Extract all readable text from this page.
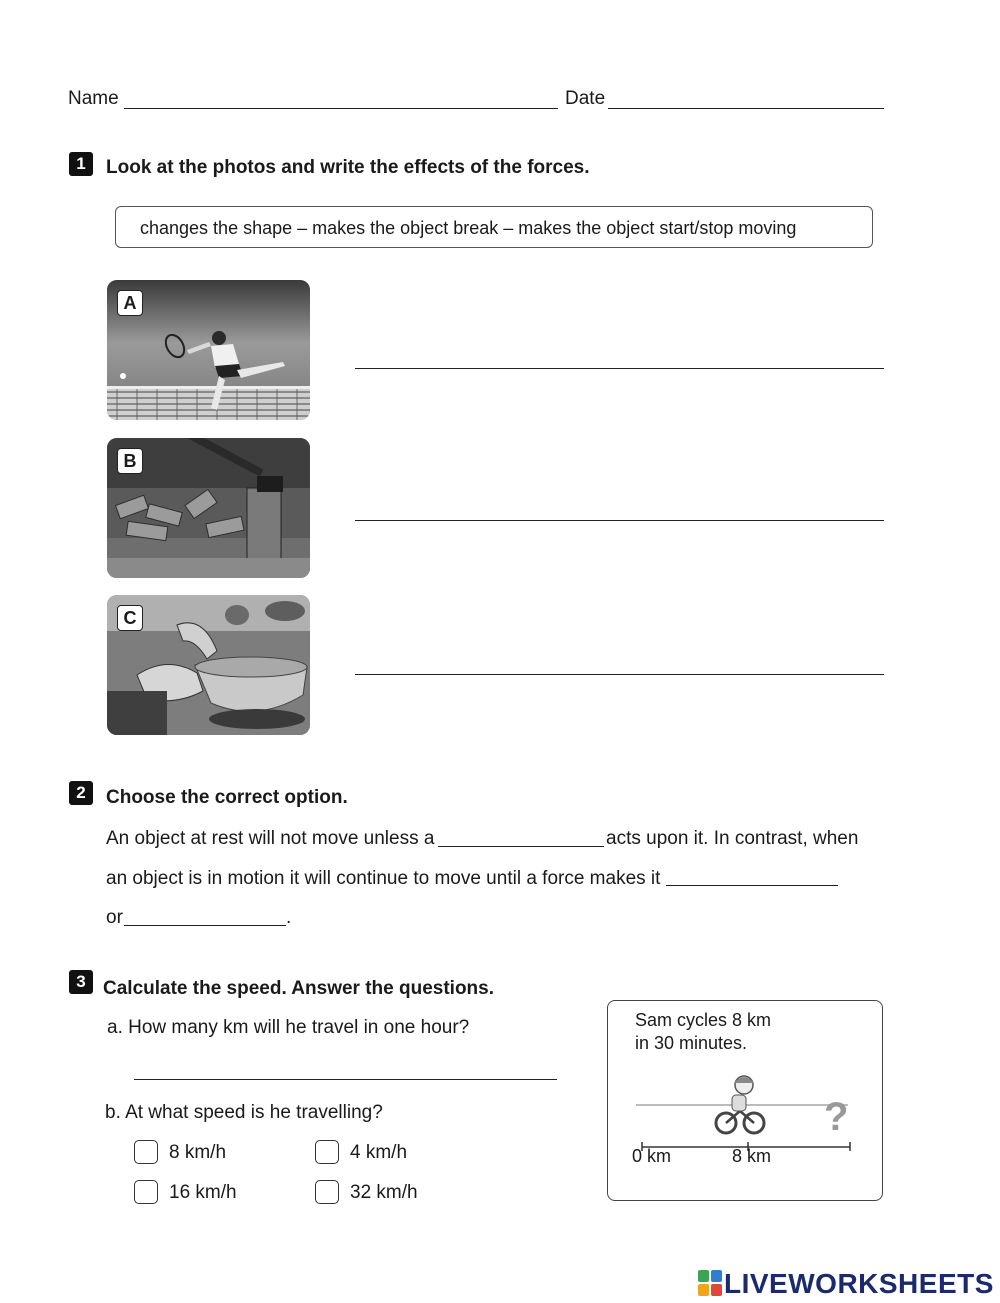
Name	Date
1	Look at the photos and write the effects of the forces.
changes the shape – makes the object break – makes the object start/stop moving
A
B
C
2	Choose the correct option.
An object at rest will not move unless a	acts upon it. In contrast, when
an object is in motion it will continue to move until a force makes it
or	.
3 Calculate the speed. Answer the questions.
a. How many km will he travel in one hour?
b. At what speed is he travelling?
8 km/h	4 km/h
16 km/h	32 km/h
Sam cycles 8 km
in 30 minutes.
?
0 km	8 km
LIVEWORKSHEETS
